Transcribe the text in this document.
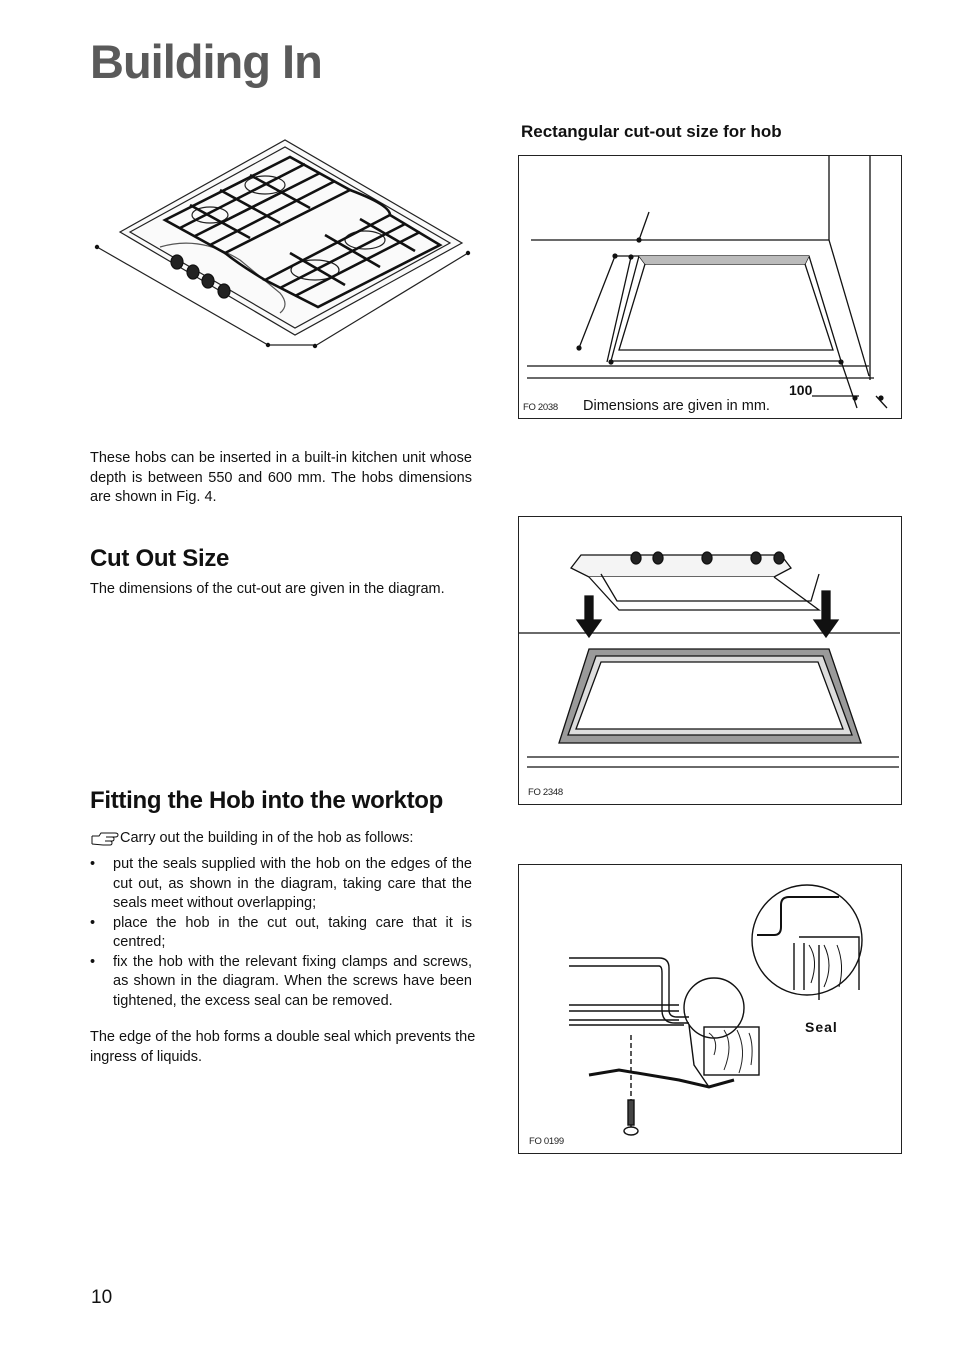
Building In
Rectangular cut-out size for hob
100
FO 2038 Dimensions are given in mm.
These hobs can be inserted in a built-in kitchen unit whose depth is between 550 and 600 mm. The hobs dimensions are shown in Fig. 4.
Cut Out Size
The dimensions of the cut-out are given in the diagram.
FO 2348
Fitting the Hob into the worktop
Carry out the building in of the hob as follows:
• put the seals supplied with the hob on the edges of the cut out, as shown in the diagram, taking care that the seals meet without overlapping;
• place the hob in the cut out, taking care that it is centred;
• fix the hob with the relevant fixing clamps and screws, as shown in the diagram. When the screws have been tightened, the excess seal can be removed.
The edge of the hob forms a double seal which prevents the ingress of liquids.
Seal
FO 0199
10
